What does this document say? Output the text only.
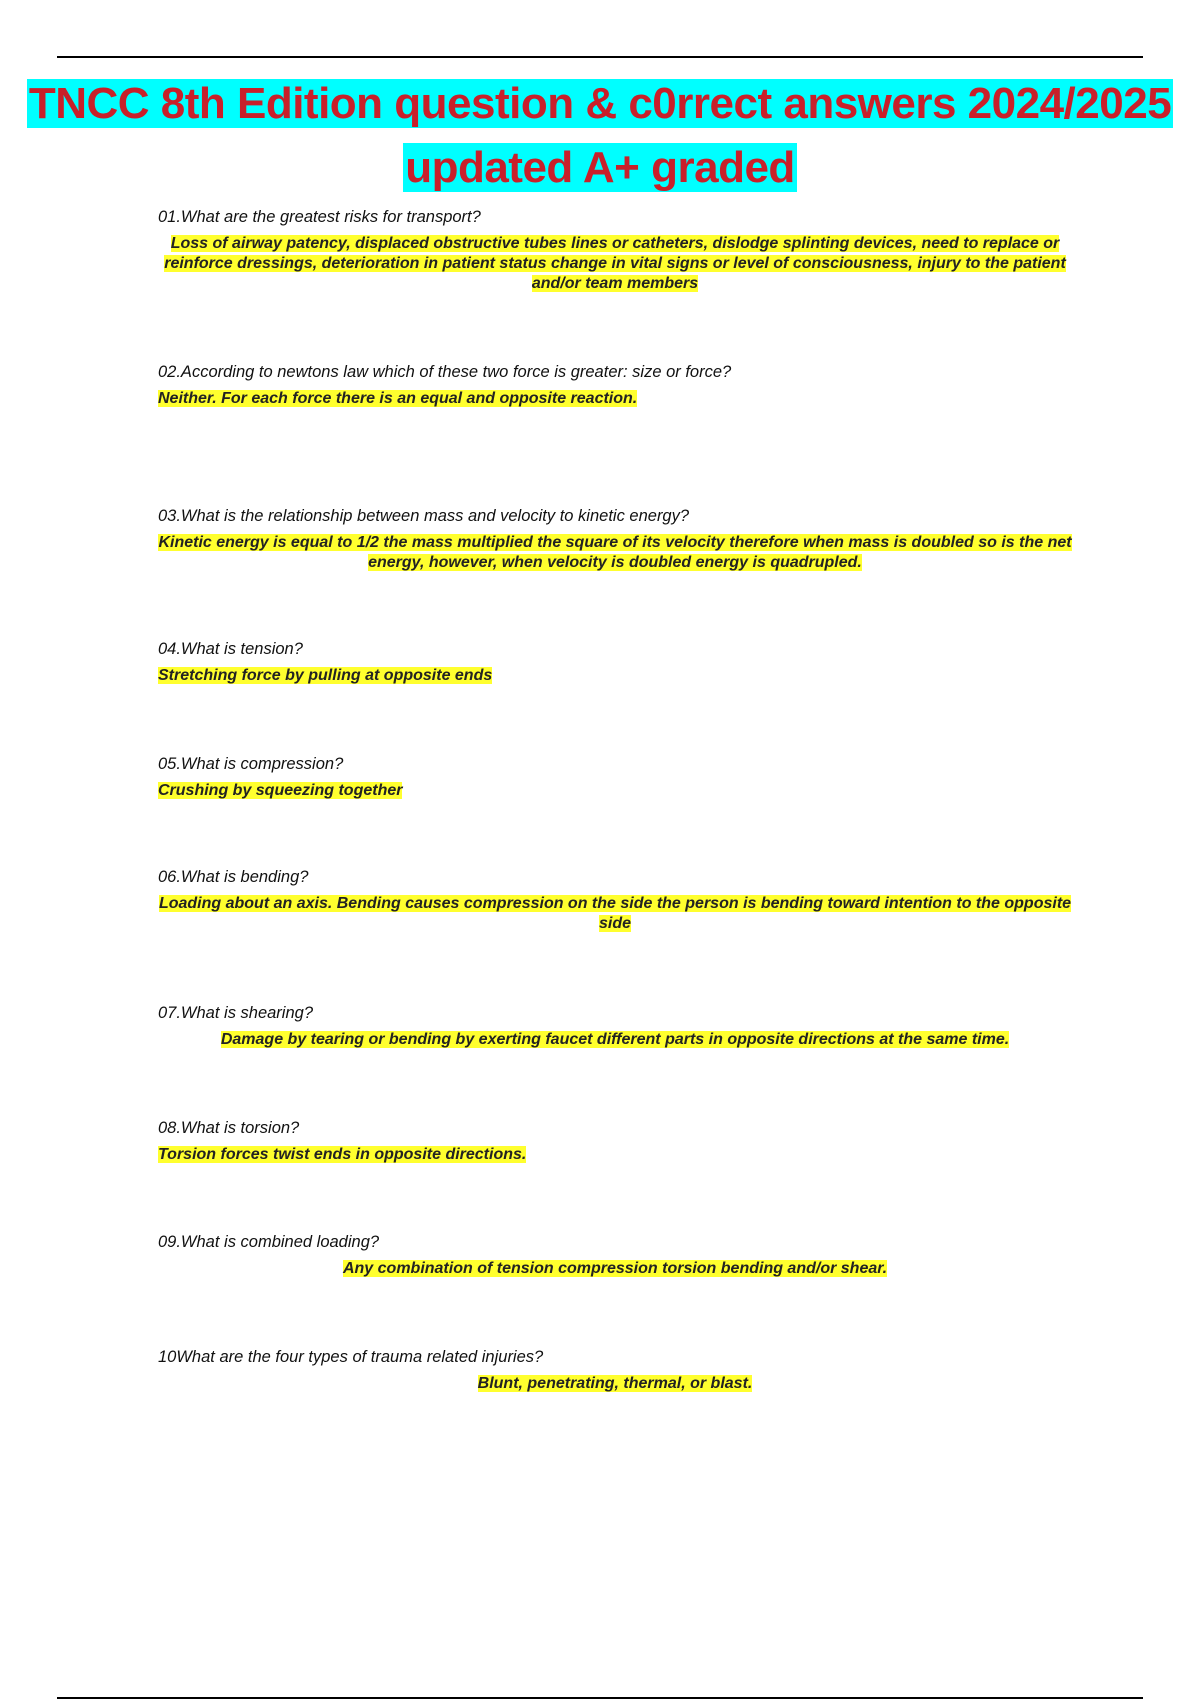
TNCC 8th Edition question & c0rrect answers 2024/2025 updated A+ graded

01.What are the greatest risks for transport?

Loss of airway patency, displaced obstructive tubes lines or catheters, dislodge splinting devices, need to replace or reinforce dressings, deterioration in patient status change in vital signs or level of consciousness, injury to the patient and/or team members

02.According to newtons law which of these two force is greater: size or force?

Neither. For each force there is an equal and opposite reaction.

03.What is the relationship between mass and velocity to kinetic energy?

Kinetic energy is equal to 1/2 the mass multiplied the square of its velocity therefore when mass is doubled so is the net energy, however, when velocity is doubled energy is quadrupled.

04.What is tension?

Stretching force by pulling at opposite ends

05.What is compression?

Crushing by squeezing together

06.What is bending?

Loading about an axis. Bending causes compression on the side the person is bending toward intention to the opposite side

07.What is shearing?

Damage by tearing or bending by exerting faucet different parts in opposite directions at the same time.

08.What is torsion?

Torsion forces twist ends in opposite directions.

09.What is combined loading?

Any combination of tension compression torsion bending and/or shear.

10What are the four types of trauma related injuries?

Blunt, penetrating, thermal, or blast.
